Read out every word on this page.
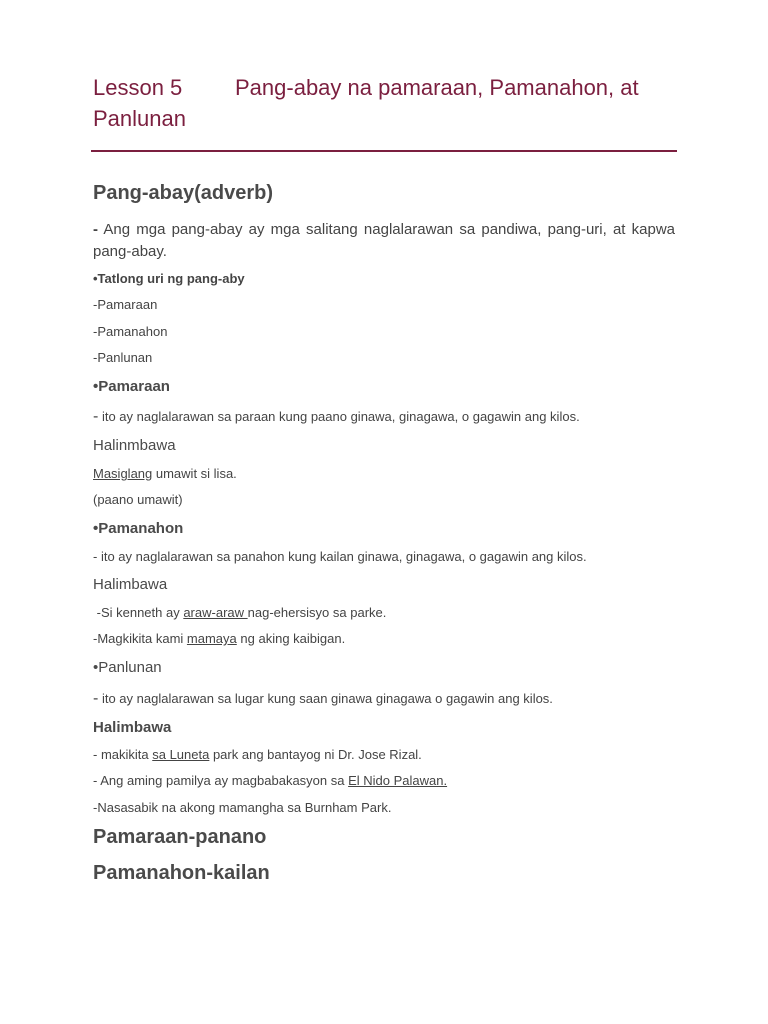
Lesson 5 Pang-abay na pamaraan, Pamanahon, at Panlunan
Pang-abay(adverb)
- Ang mga pang-abay ay mga salitang naglalarawan sa pandiwa, pang-uri, at kapwa pang-abay.
•Tatlong uri ng pang-aby
-Pamaraan
-Pamanahon
-Panlunan
•Pamaraan
- ito ay naglalarawan sa paraan kung paano ginawa, ginagawa, o gagawin ang kilos.
Halinmbawa
Masiglang umawit si lisa.
(paano umawit)
•Pamanahon
- ito ay naglalarawan sa panahon kung kailan ginawa, ginagawa, o gagawin ang kilos.
Halimbawa
-Si kenneth ay araw-araw nag-ehersisyo sa parke.
-Magkikita kami mamaya ng aking kaibigan.
•Panlunan
- ito ay naglalarawan sa lugar kung saan ginawa ginagawa o gagawin ang kilos.
Halimbawa
- makikita sa Luneta park ang bantayog ni Dr. Jose Rizal.
- Ang aming pamilya ay magbabakasyon sa El Nido Palawan.
-Nasasabik na akong mamangha sa Burnham Park.
Pamaraan-panano
Pamanahon-kailan
